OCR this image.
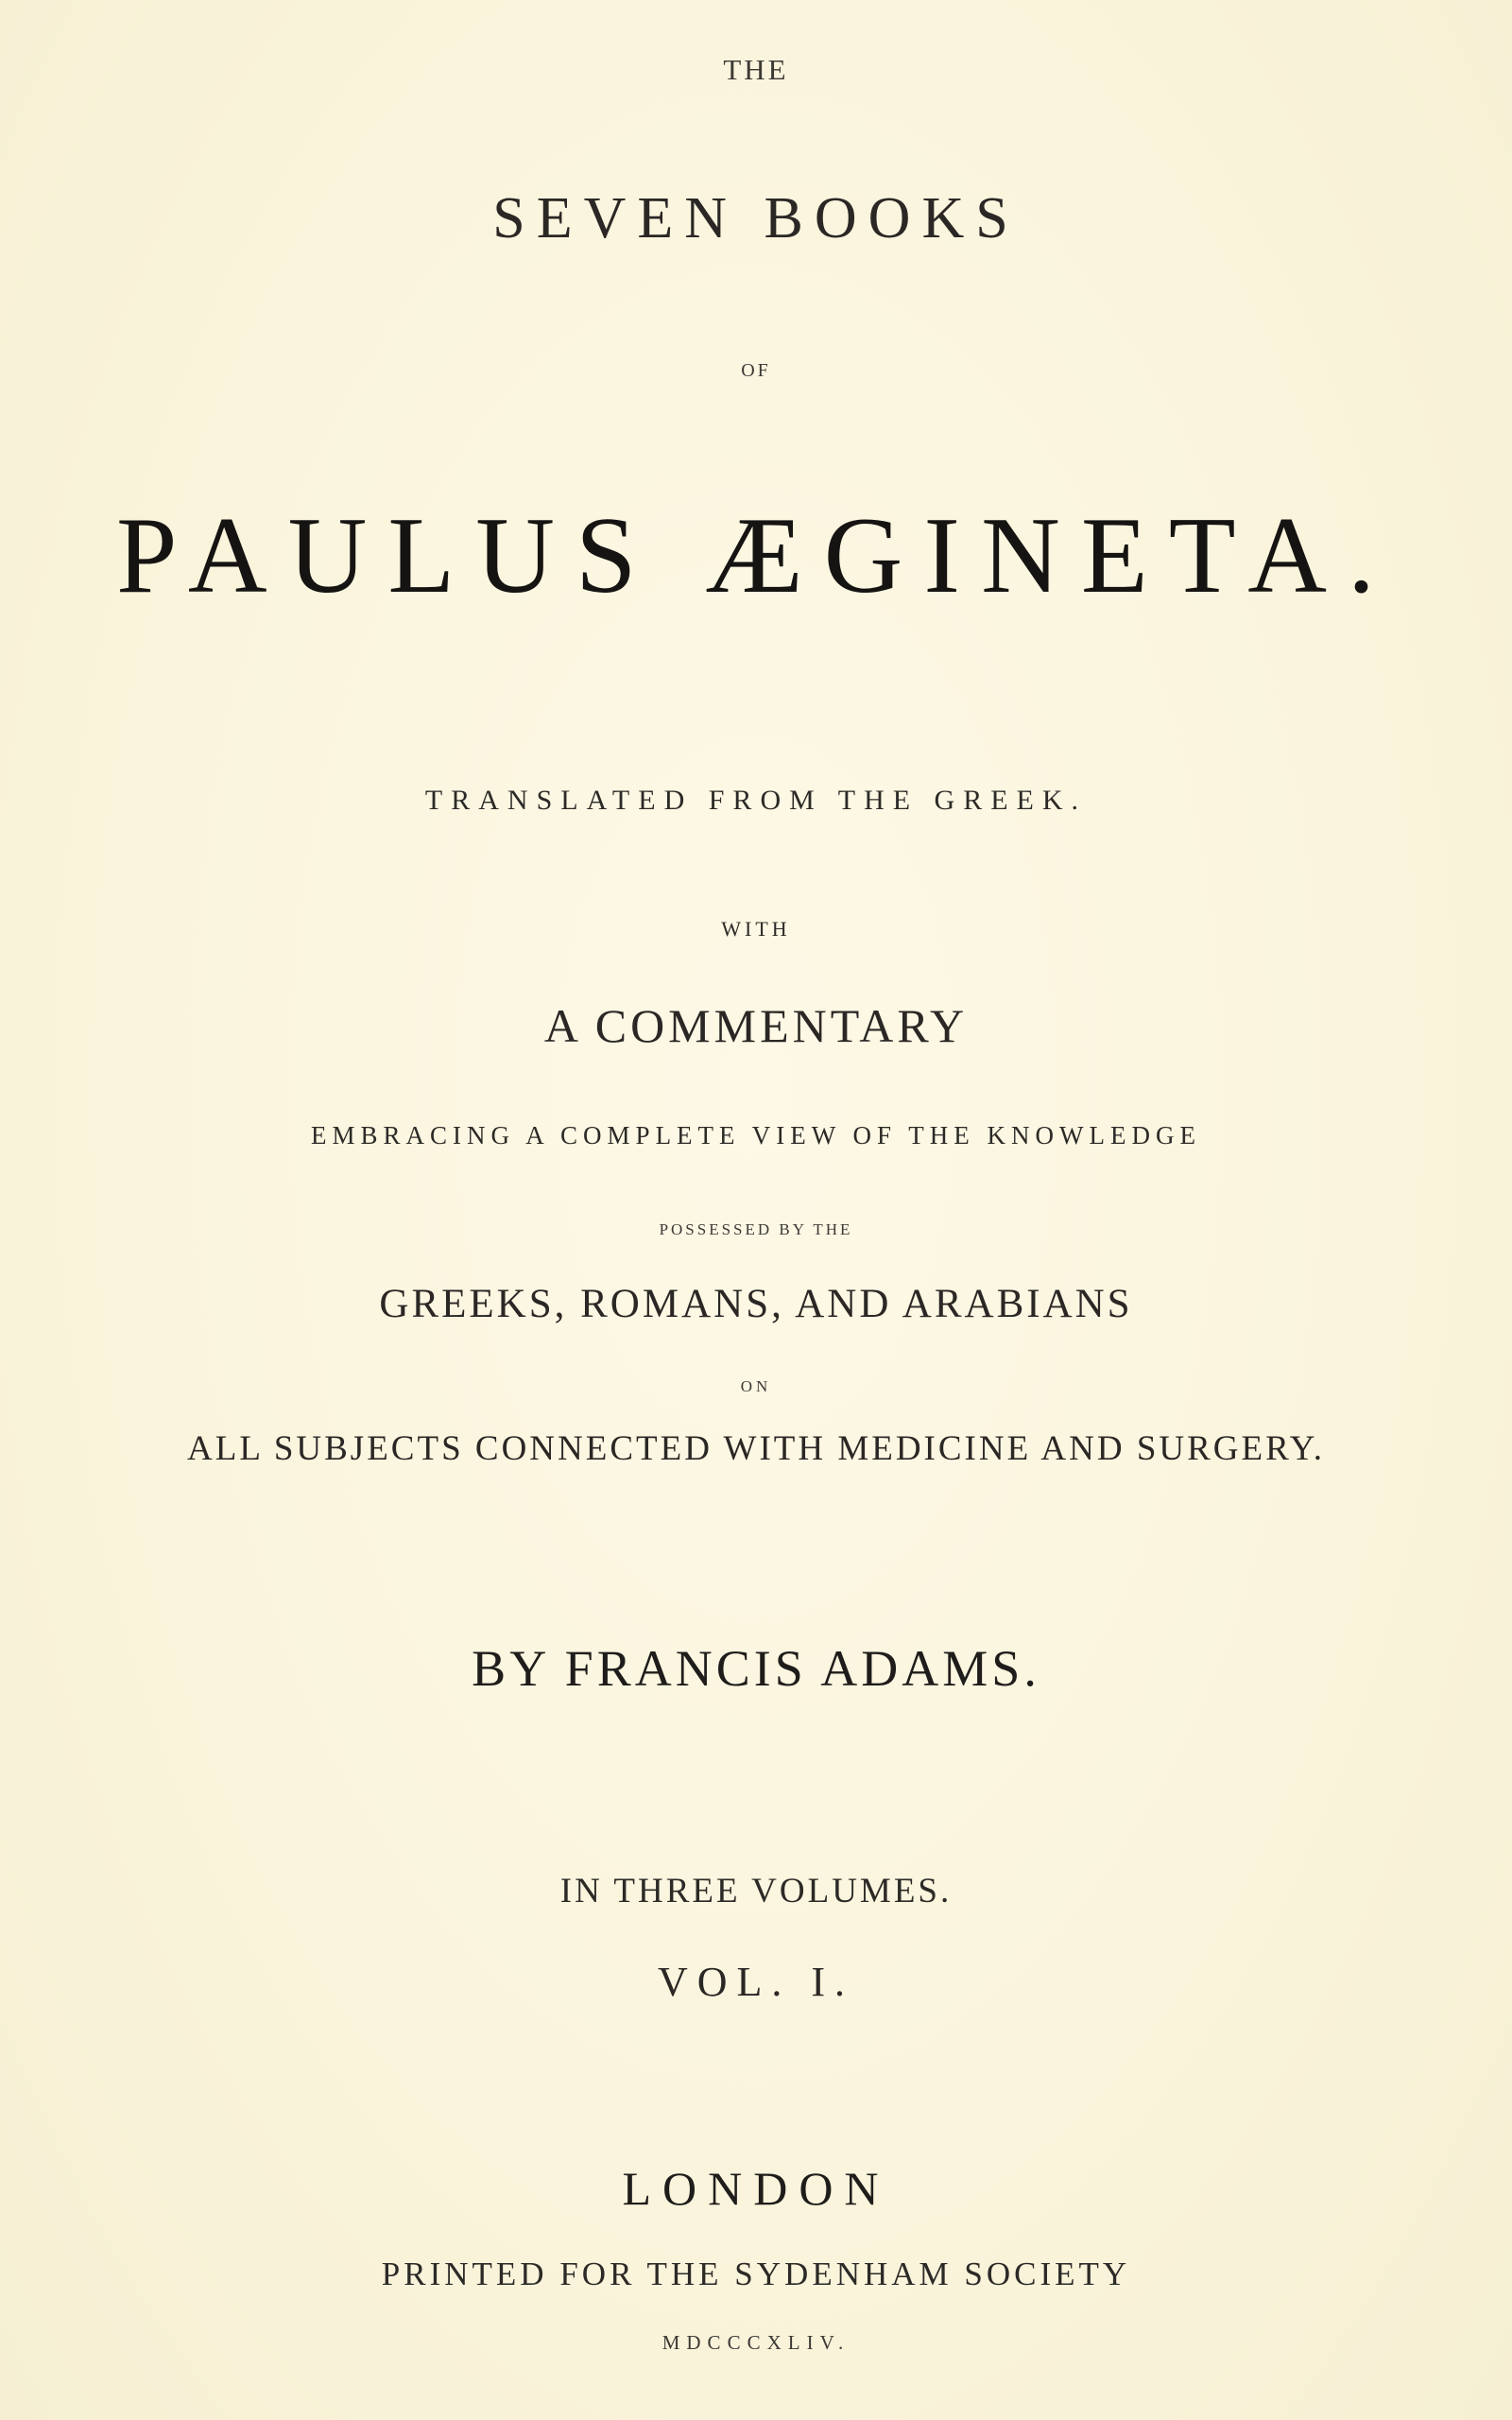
THE
SEVEN BOOKS
OF
PAULUS ÆGINETA.
TRANSLATED FROM THE GREEK.
WITH
A COMMENTARY
EMBRACING A COMPLETE VIEW OF THE KNOWLEDGE
POSSESSED BY THE
GREEKS, ROMANS, AND ARABIANS
ON
ALL SUBJECTS CONNECTED WITH MEDICINE AND SURGERY.
BY FRANCIS ADAMS.
IN THREE VOLUMES.
VOL. I.
LONDON
PRINTED FOR THE SYDENHAM SOCIETY
MDCCCXLIV.
